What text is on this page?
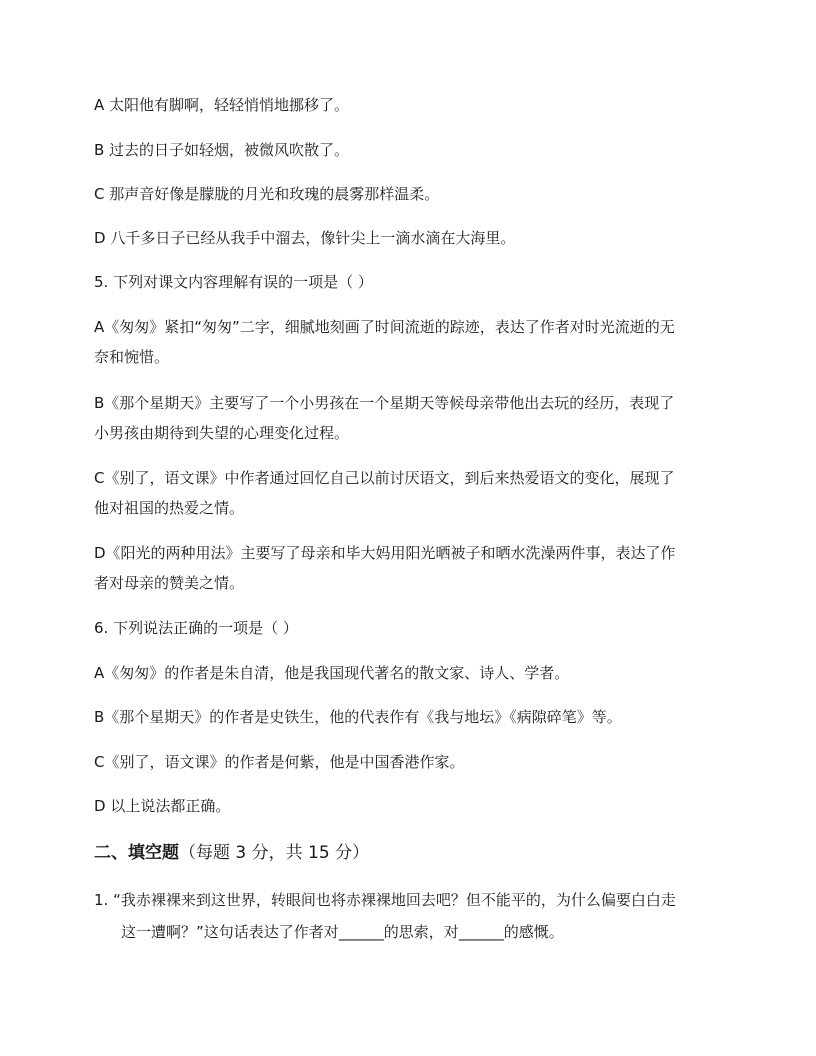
A 太阳他有脚啊，轻轻悄悄地挪移了。
B 过去的日子如轻烟，被微风吹散了。
C 那声音好像是朦胧的月光和玫瑰的晨雾那样温柔。
D 八千多日子已经从我手中溜去，像针尖上一滴水滴在大海里。
5. 下列对课文内容理解有误的一项是（ ）
A《匆匆》紧扣“匆匆”二字，细腻地刻画了时间流逝的踪迹，表达了作者对时光流逝的无
奈和惋惜。
B《那个星期天》主要写了一个小男孩在一个星期天等候母亲带他出去玩的经历，表现了
小男孩由期待到失望的心理变化过程。
C《别了，语文课》中作者通过回忆自己以前讨厌语文，到后来热爱语文的变化，展现了
他对祖国的热爱之情。
D《阳光的两种用法》主要写了母亲和毕大妈用阳光晒被子和晒水洗澡两件事，表达了作
者对母亲的赞美之情。
6. 下列说法正确的一项是（ ）
A《匆匆》的作者是朱自清，他是我国现代著名的散文家、诗人、学者。
B《那个星期天》的作者是史铁生，他的代表作有《我与地坛》《病隙碎笔》等。
C《别了，语文课》的作者是何紫，他是中国香港作家。
D 以上说法都正确。
二、填空题（每题 3 分，共 15 分）
1. “我赤裸裸来到这世界，转眼间也将赤裸裸地回去吧？但不能平的，为什么偏要白白走
这一遭啊？”这句话表达了作者对______的思索，对______的感慨。
